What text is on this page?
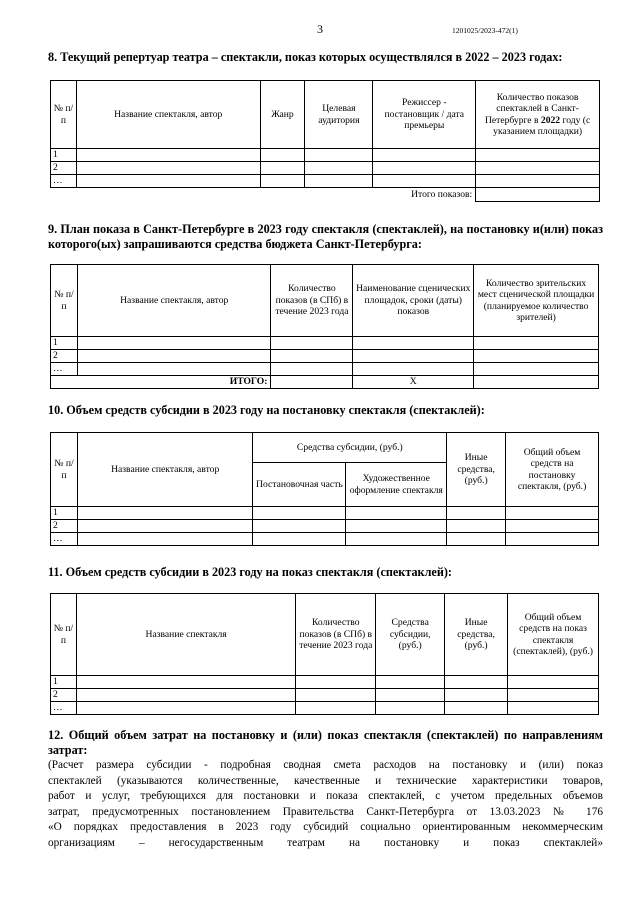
3	1201025/2023-472(1)
8. Текущий репертуар театра – спектакли, показ которых осуществлялся в 2022 – 2023 годах:
№ п/п	Название спектакля, автор	Жанр	Целевая аудитория	Режиссер - постановщик / дата премьеры	Количество показов спектаклей в Санкт-Петербурге в 2022 году (с указанием площадки)
1					
2					
…					
				Итого показов:	
9. План показа в Санкт-Петербурге в 2023 году спектакля (спектаклей), на постановку и(или) показ которого(ых) запрашиваются средства бюджета Санкт-Петербурга:
№ п/п	Название спектакля, автор	Количество показов (в СПб) в течение 2023 года	Наименование сценических площадок, сроки (даты) показов	Количество зрительских мест сценической площадки (планируемое количество зрителей)
1				
2				
…				
ИТОГО:			Х	
10. Объем средств субсидии в 2023 году на постановку спектакля (спектаклей):
№ п/п	Название спектакля, автор	Средства субсидии, (руб.)		Иные средства, (руб.)	Общий объем средств на постановку спектакля, (руб.)
		Постановочная часть	Художественное оформление спектакля		
1					
2					
…					
11. Объем средств субсидии в 2023 году на показ спектакля (спектаклей):
№ п/п	Название спектакля	Количество показов (в СПб) в течение 2023 года	Средства субсидии, (руб.)	Иные средства, (руб.)	Общий объем средств на показ спектакля (спектаклей), (руб.)
1					
2					
…					
12. Общий объем затрат на постановку и (или) показ спектакля (спектаклей) по направлениям затрат:
(Расчет размера субсидии - подробная сводная смета расходов на постановку и (или) показ
спектаклей (указываются количественные, качественные и технические характеристики товаров,
работ и услуг, требующихся для постановки и показа спектаклей, с учетом предельных объемов
затрат, предусмотренных постановлением Правительства Санкт-Петербурга от 13.03.2023 № 176
«О порядках предоставления в 2023 году субсидий социально ориентированным некоммерческим
организациям – негосударственным театрам на постановку и показ спектаклей»
